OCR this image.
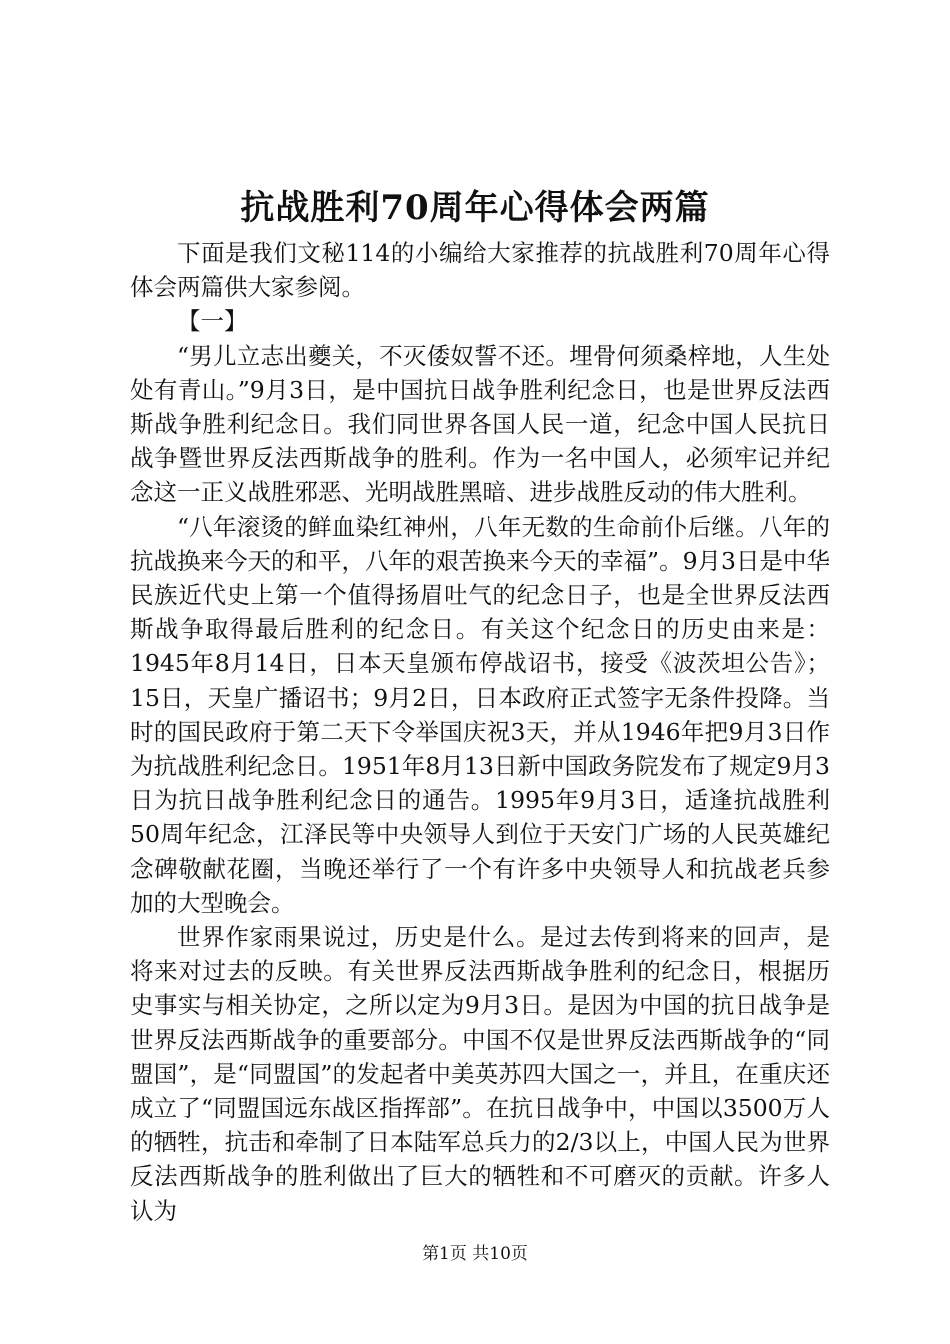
抗战胜利70周年心得体会两篇

下面是我们文秘114的小编给大家推荐的抗战胜利70周年心得体会两篇供大家参阅。

【一】

“男儿立志出夔关，不灭倭奴誓不还。埋骨何须桑梓地，人生处处有青山。”9月3日，是中国抗日战争胜利纪念日，也是世界反法西斯战争胜利纪念日。我们同世界各国人民一道，纪念中国人民抗日战争暨世界反法西斯战争的胜利。作为一名中国人，必须牢记并纪念这一正义战胜邪恶、光明战胜黑暗、进步战胜反动的伟大胜利。

“八年滚烫的鲜血染红神州，八年无数的生命前仆后继。八年的抗战换来今天的和平，八年的艰苦换来今天的幸福”。9月3日是中华民族近代史上第一个值得扬眉吐气的纪念日子，也是全世界反法西斯战争取得最后胜利的纪念日。有关这个纪念日的历史由来是：1945年8月14日，日本天皇颁布停战诏书，接受《波茨坦公告》；15日，天皇广播诏书；9月2日，日本政府正式签字无条件投降。当时的国民政府于第二天下令举国庆祝3天，并从1946年把9月3日作为抗战胜利纪念日。1951年8月13日新中国政务院发布了规定9月3日为抗日战争胜利纪念日的通告。1995年9月3日，适逢抗战胜利50周年纪念，江泽民等中央领导人到位于天安门广场的人民英雄纪念碑敬献花圈，当晚还举行了一个有许多中央领导人和抗战老兵参加的大型晚会。

世界作家雨果说过，历史是什么。是过去传到将来的回声，是将来对过去的反映。有关世界反法西斯战争胜利的纪念日，根据历史事实与相关协定，之所以定为9月3日。是因为中国的抗日战争是世界反法西斯战争的重要部分。中国不仅是世界反法西斯战争的“同盟国”，是“同盟国”的发起者中美英苏四大国之一，并且，在重庆还成立了“同盟国远东战区指挥部”。在抗日战争中，中国以3500万人的牺牲，抗击和牵制了日本陆军总兵力的2/3以上，中国人民为世界反法西斯战争的胜利做出了巨大的牺牲和不可磨灭的贡献。许多人认为

第1页 共10页
